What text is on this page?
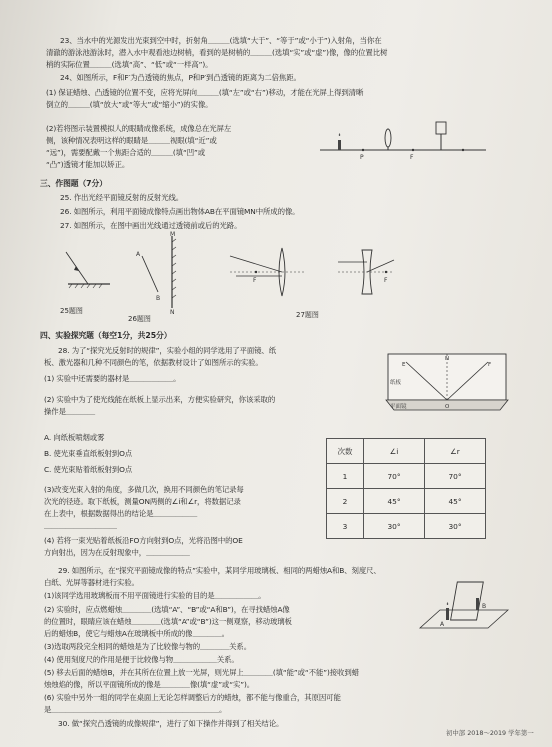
23、当水中的光源发出光束到空中时，折射角＿＿＿(选填“大于”、“等于”或“小于”)入射角，当你在
清澈的游泳池游泳时，潜入水中观看池边树梢，看到的是树梢的＿＿＿(选填“实”或“虚”)像，像的位置比树
梢的实际位置＿＿＿(选填“高”、“低”或“一样高”)。
24、如图所示，F和F′为凸透镜的焦点，P和P′到凸透镜的距离为二倍焦距。
(1) 保证蜡烛、凸透镜的位置不变，应将光屏向＿＿＿(填“左”或“右”)移动，才能在光屏上得到清晰
倒立的＿＿＿(填“放大”或“等大”或“缩小”)的实像。
(2)若将图示装置模拟人的眼睛成像系统，成像总在光屏左
侧，该种情况表明这样的眼睛是＿＿＿视眼(填“近”或
“远”)，需要配戴一个焦距合适的＿＿＿(填“凹”或
“凸”)透镜才能加以矫正。
三、作图题（7分）
25. 作出光经平面镜反射的反射光线。
26. 如图所示，利用平面镜成像特点画出物体AB在平面镜MN中所成的像。
27. 如图所示，在图中画出光线通过透镜前或后的光路。
四、实验探究题（每空1分，共25分）
28. 为了“探究光反射时的规律”，实验小组的同学选用了平面镜、纸
板、激光器和几种不同颜色的笔，依据教材设计了如图所示的实验。
(1) 实验中还需要的器材是＿＿＿＿＿＿。
(2) 实验中为了使光线能在纸板上显示出来，方便实验研究，你该采取的
操作是＿＿＿＿
A. 向纸板喷烟或雾
B. 使光束垂直纸板射到O点
C. 使光束贴着纸板射到O点
(3)改变光束入射的角度，多做几次，换用不同颜色的笔记录每
次光的径迹。取下纸板，测量ON两侧的∠i和∠r，将数据记录
在上表中，根据数据得出的结论是＿＿＿＿＿＿
＿＿＿＿＿＿＿＿＿＿
(4) 若将一束光贴着纸板沿FO方向射到O点，光将沿图中的OE
方向射出，因为在反射现象中，＿＿＿＿＿＿
29. 如图所示，在“探究平面镜成像的特点”实验中，某同学用玻璃板、相同的两蜡烛A和B、刻度尺、
白纸、光屏等器材进行实验。
(1)该同学选用玻璃板而不用平面镜进行实验的目的是＿＿＿＿＿＿。
(2) 实验时，应点燃蜡烛＿＿＿＿(选填“A”、“B”或“A和B”)，在寻找蜡烛A像
的位置时，眼睛应该在蜡烛＿＿＿＿(选填“A”或“B”)这一侧观察，移动玻璃板
后的蜡烛B，使它与蜡烛A在玻璃板中所成的像＿＿＿＿。
(3)选取两段完全相同的蜡烛是为了比较像与物的＿＿＿＿关系。
(4) 使用刻度尺的作用是便于比较像与物＿＿＿＿＿＿关系。
(5) 移去后面的蜡烛B，并在其所在位置上放一光屏，则光屏上＿＿＿＿(填“能”或“不能”)接收到蜡
烛烛焰的像，所以平面镜所成的像是＿＿＿＿像(填“虚”或“实”)。
(6) 实验中另外一组的同学在桌面上无论怎样调整后方的蜡烛，都不能与像重合，其原因可能
是＿＿＿＿＿＿＿＿＿＿＿＿＿＿＿＿＿＿＿＿＿＿＿。
30. 做“探究凸透镜的成像规律”，进行了如下操作并得到了相关结论。
P	F
25题图
M
N
A
B
26题图
F	F
27题图
纸板
平面镜	O
N
E	F
次数	∠i	∠r
1	70°	70°
2	45°	45°
3	30°	30°
A
B
初中部 2018～2019 学年第一
